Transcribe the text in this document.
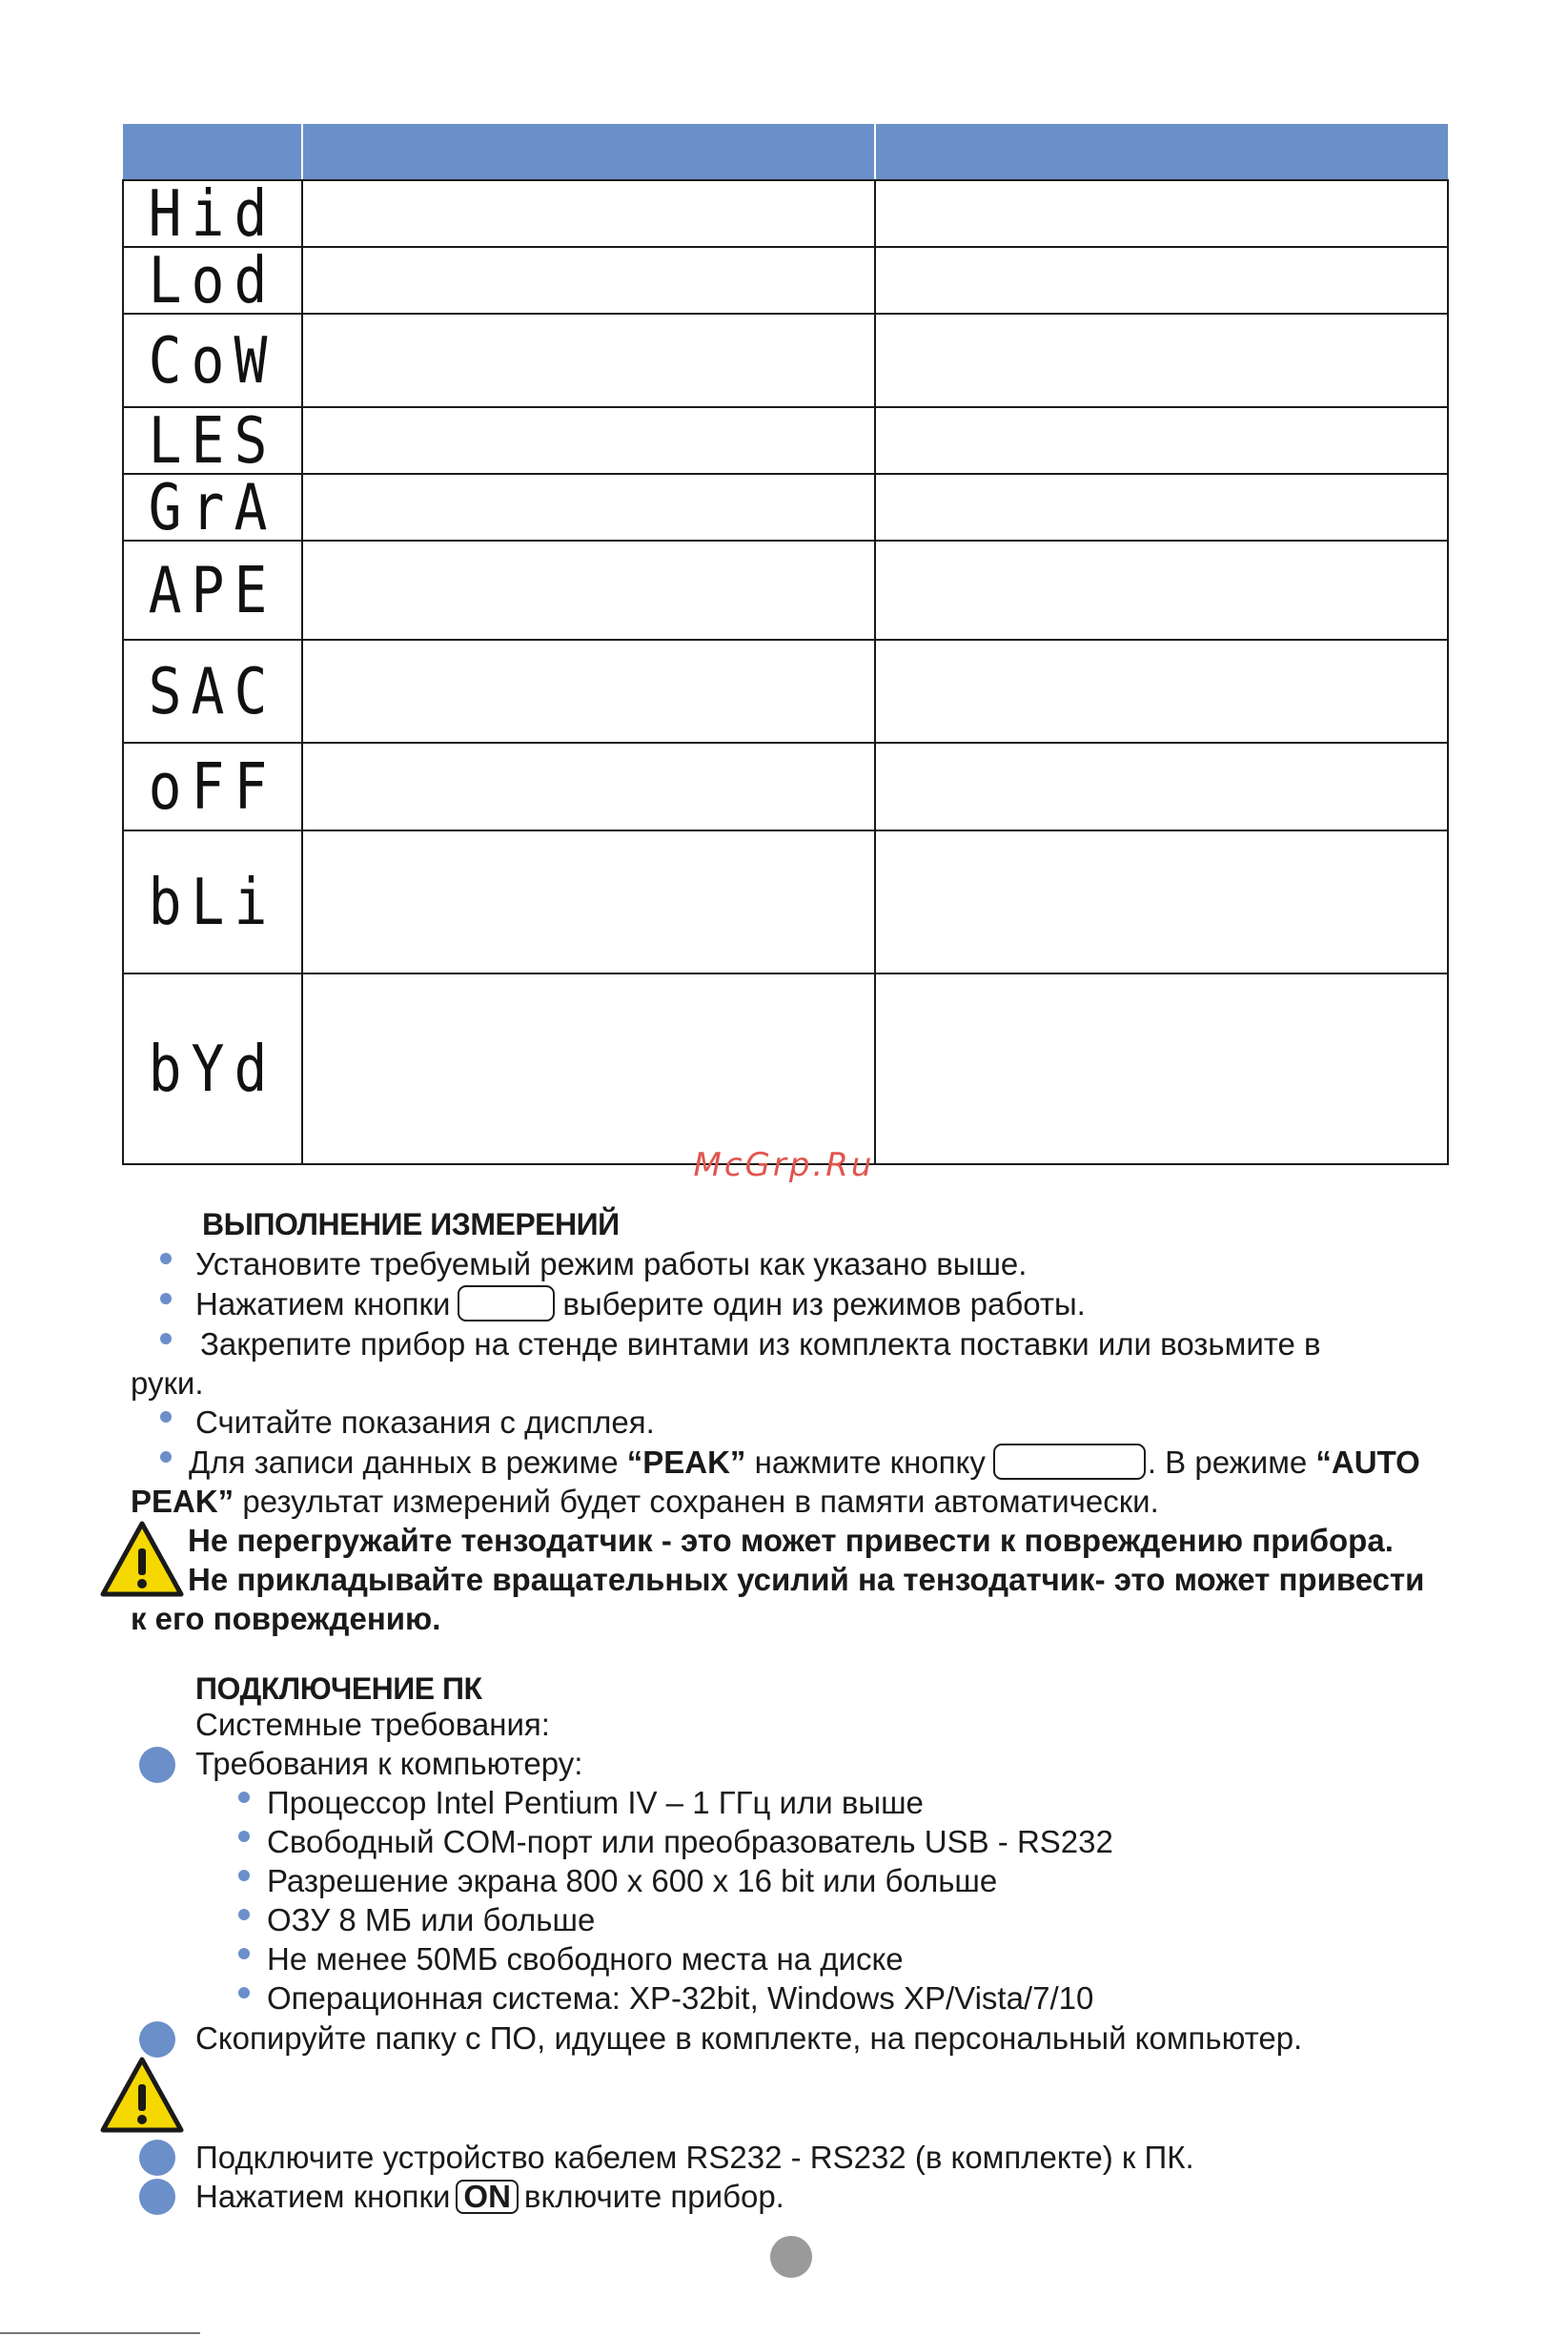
Hid		
Lod		
CoW		
LES		
GrA		
APE		
SAC		
oFF		
bLi		
bYd		
McGrp.Ru
ВЫПОЛНЕНИЕ ИЗМЕРЕНИЙ
Установите требуемый режим работы как указано выше.
Нажатием кнопки	выберите один из режимов работы.
Закрепите прибор на стенде винтами из комплекта поставки или возьмите в
руки.
Считайте показания с дисплея.
Для записи данных в режиме “PEAK” нажмите кнопку	. В режиме “AUTO
PEAK” результат измерений будет сохранен в памяти автоматически.
Не перегружайте тензодатчик - это может привести к повреждению прибора.
Не прикладывайте вращательных усилий на тензодатчик- это может привести
к его повреждению.
ПОДКЛЮЧЕНИЕ ПК
Системные требования:
Требования к компьютеру:
Процессор Intel Pentium IV – 1 ГГц или выше
Свободный COM-порт или преобразователь USB - RS232
Разрешение экрана 800 x 600 x 16 bit или больше
ОЗУ 8 МБ или больше
Не менее 50МБ свободного места на диске
Операционная система: XP-32bit, Windows XP/Vista/7/10
Скопируйте папку с ПО, идущее в комплекте, на персональный компьютер.
Подключите устройство кабелем RS232 - RS232 (в комплекте) к ПК.
Нажатием кнопки ON включите прибор.
